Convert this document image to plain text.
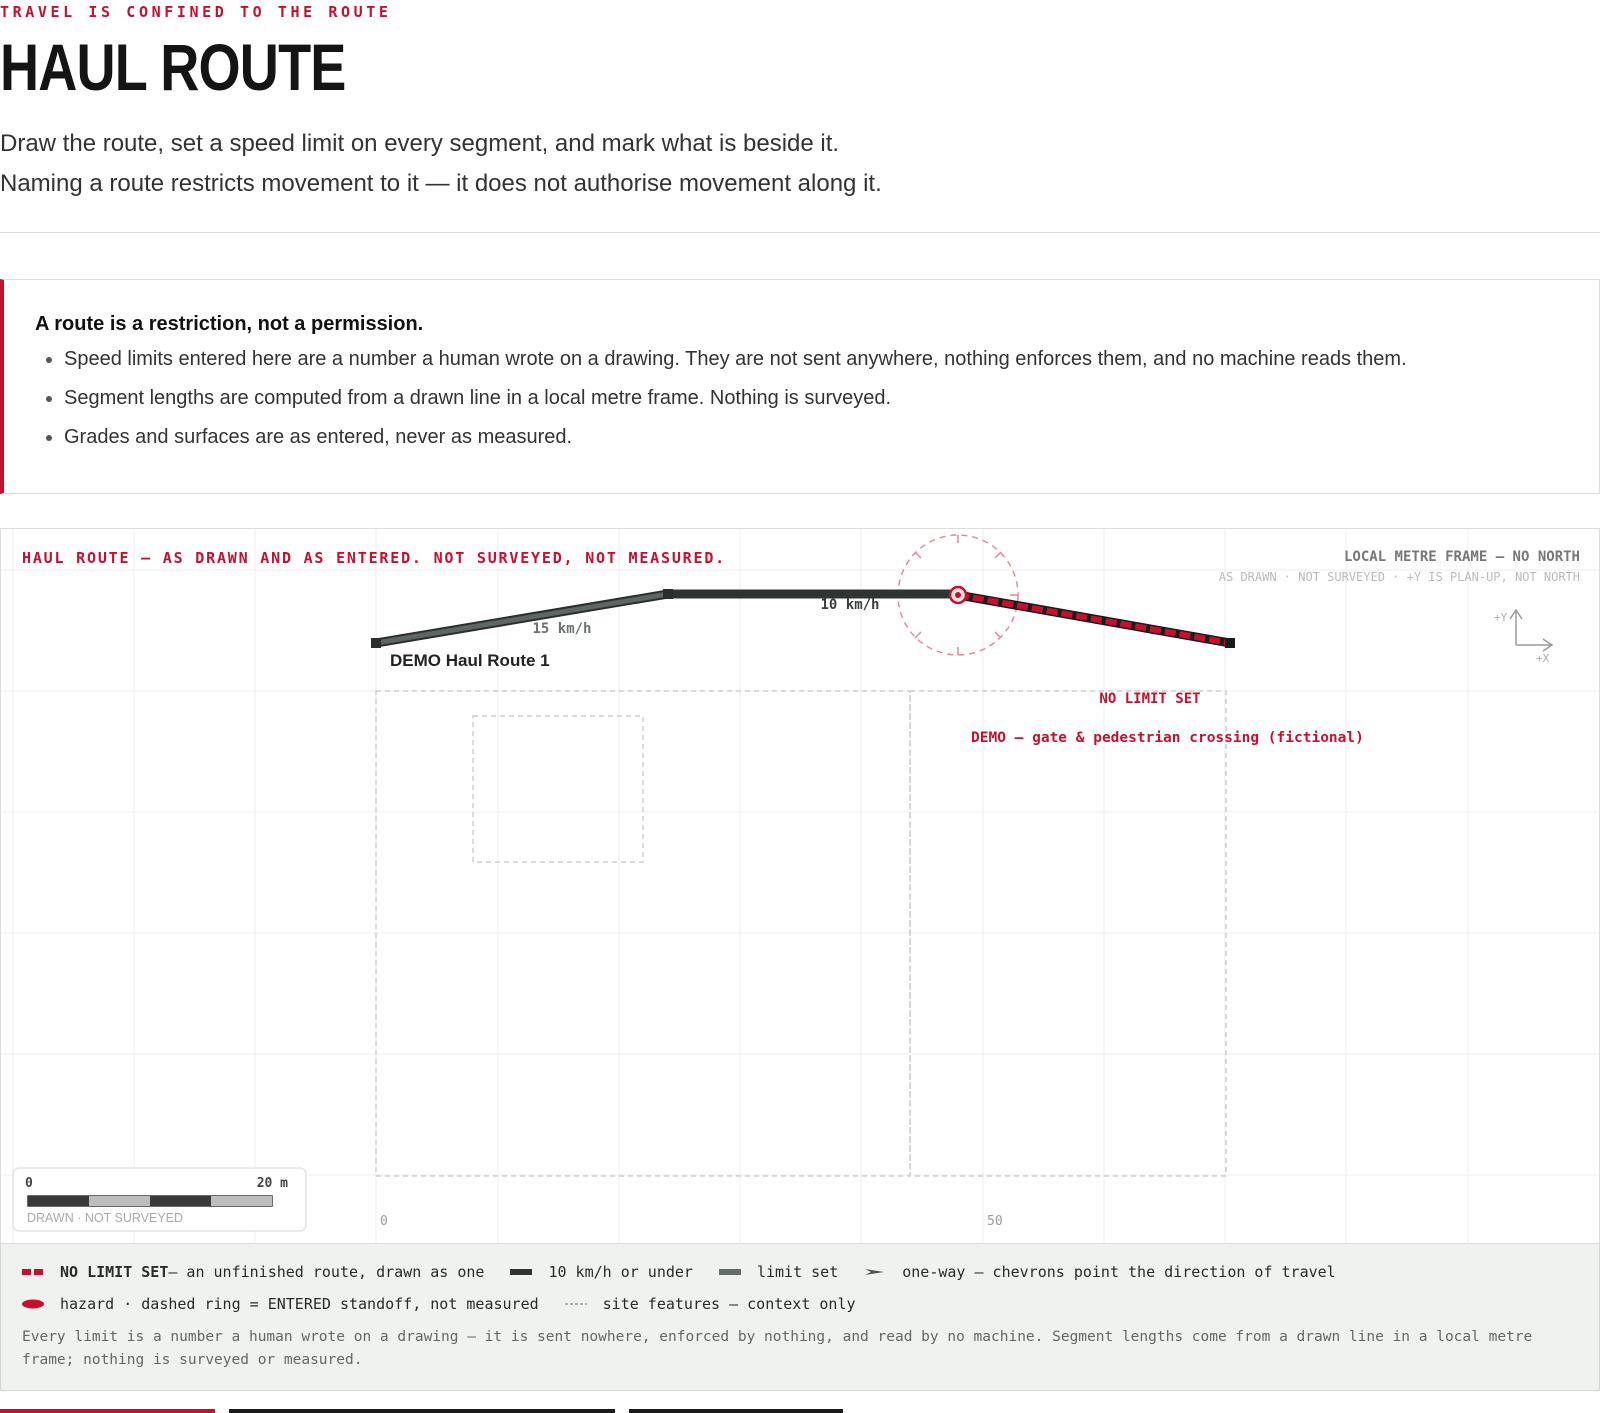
TRAVEL IS CONFINED TO THE ROUTE
HAUL ROUTE
Draw the route, set a speed limit on every segment, and mark what is beside it.
Naming a route restricts movement to it — it does not authorise movement along it.
A route is a restriction, not a permission.
• Speed limits entered here are a number a human wrote on a drawing. They are not sent anywhere, nothing enforces them, and no machine reads them.
• Segment lengths are computed from a drawn line in a local metre frame. Nothing is surveyed.
• Grades and surfaces are as entered, never as measured.
HAUL ROUTE — AS DRAWN AND AS ENTERED. NOT SURVEYED, NOT MEASURED.	LOCAL METRE FRAME — NO NORTH
AS DRAWN · NOT SURVEYED · +Y IS PLAN-UP, NOT NORTH
+Y
+X
15 km/h
10 km/h
DEMO Haul Route 1
NO LIMIT SET
DEMO — gate & pedestrian crossing (fictional)
0	50
0	20 m
DRAWN · NOT SURVEYED
NO LIMIT SET — an unfinished route, drawn as one	10 km/h or under	limit set	one-way — chevrons point the direction of travel
hazard · dashed ring = ENTERED standoff, not measured	site features — context only
Every limit is a number a human wrote on a drawing — it is sent nowhere, enforced by nothing, and read by no machine. Segment lengths come from a drawn line in a local metre frame; nothing is surveyed or measured.
